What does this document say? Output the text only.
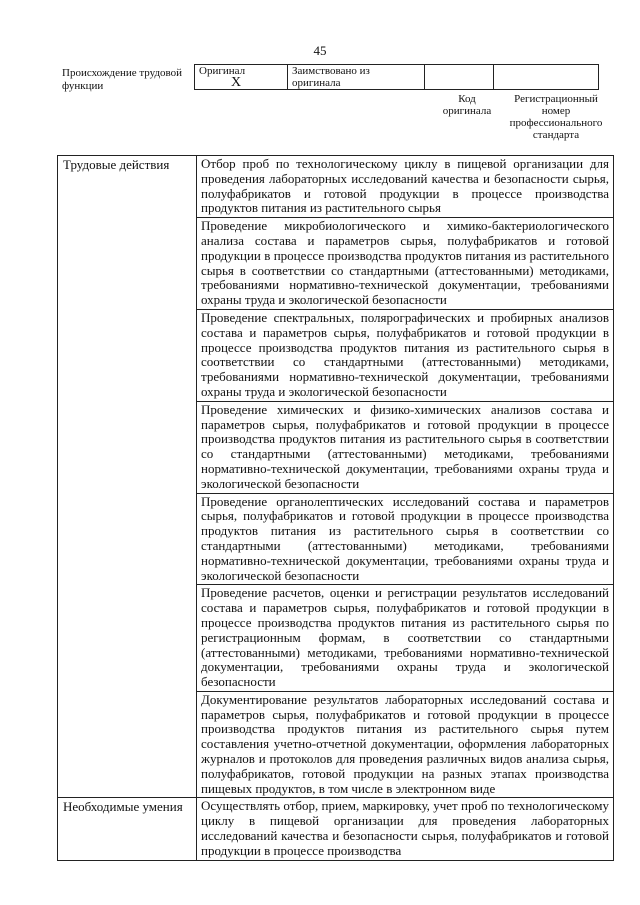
45
Происхождение трудовой функции
Оригинал X	Заимствовано из оригинала		
Код оригинала
Регистрационный номер профессионального стандарта
Трудовые действия	Отбор проб по технологическому циклу в пищевой организации для проведения лабораторных исследований качества и безопасности сырья, полуфабрикатов и готовой продукции в процессе производства продуктов питания из растительного сырья
	Проведение микробиологического и химико-бактериологического анализа состава и параметров сырья, полуфабрикатов и готовой продукции в процессе производства продуктов питания из растительного сырья в соответствии со стандартными (аттестованными) методиками, требованиями нормативно-технической документации, требованиями охраны труда и экологической безопасности
	Проведение спектральных, полярографических и пробирных анализов состава и параметров сырья, полуфабрикатов и готовой продукции в процессе производства продуктов питания из растительного сырья в соответствии со стандартными (аттестованными) методиками, требованиями нормативно-технической документации, требованиями охраны труда и экологической безопасности
	Проведение химических и физико-химических анализов состава и параметров сырья, полуфабрикатов и готовой продукции в процессе производства продуктов питания из растительного сырья в соответствии со стандартными (аттестованными) методиками, требованиями нормативно-технической документации, требованиями охраны труда и экологической безопасности
	Проведение органолептических исследований состава и параметров сырья, полуфабрикатов и готовой продукции в процессе производства продуктов питания из растительного сырья в соответствии со стандартными (аттестованными) методиками, требованиями нормативно-технической документации, требованиями охраны труда и экологической безопасности
	Проведение расчетов, оценки и регистрации результатов исследований состава и параметров сырья, полуфабрикатов и готовой продукции в процессе производства продуктов питания из растительного сырья по регистрационным формам, в соответствии со стандартными (аттестованными) методиками, требованиями нормативно-технической документации, требованиями охраны труда и экологической безопасности
	Документирование результатов лабораторных исследований состава и параметров сырья, полуфабрикатов и готовой продукции в процессе производства продуктов питания из растительного сырья путем составления учетно-отчетной документации, оформления лабораторных журналов и протоколов для проведения различных видов анализа сырья, полуфабрикатов, готовой продукции на разных этапах производства пищевых продуктов, в том числе в электронном виде
Необходимые умения	Осуществлять отбор, прием, маркировку, учет проб по технологическому циклу в пищевой организации для проведения лабораторных исследований качества и безопасности сырья, полуфабрикатов и готовой продукции в процессе производства
